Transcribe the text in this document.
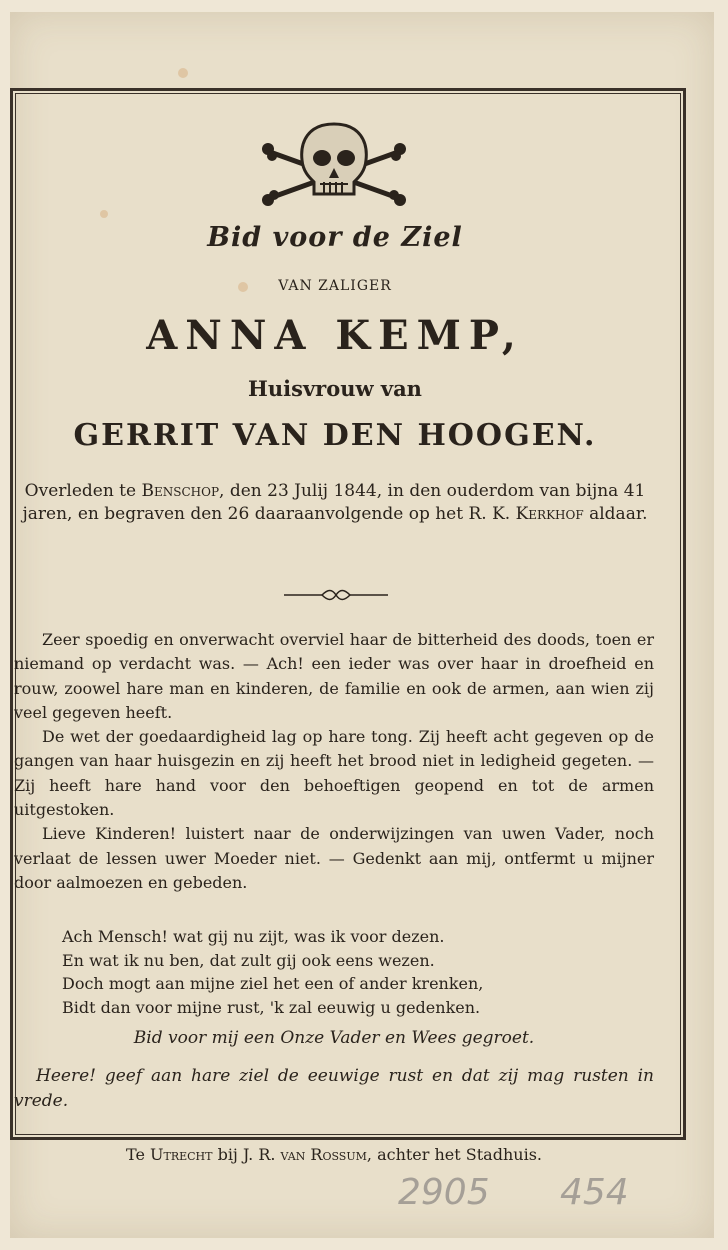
Bid voor de Ziel
VAN ZALIGER
ANNA KEMP,
Huisvrouw van
GERRIT VAN DEN HOOGEN.
Overleden te Benschop, den 23 Julij 1844, in den ouderdom van bijna 41 jaren, en begraven den 26 daaraanvolgende op het R. K. Kerkhof aldaar.

Zeer spoedig en onverwacht overviel haar de bitterheid des doods, toen er niemand op verdacht was. — Ach! een ieder was over haar in droefheid en rouw, zoowel hare man en kinderen, de familie en ook de armen, aan wien zij veel gegeven heeft.

De wet der goedaardigheid lag op hare tong. Zij heeft acht gegeven op de gangen van haar huisgezin en zij heeft het brood niet in ledigheid gegeten. — Zij heeft hare hand voor den behoeftigen geopend en tot de armen uitgestoken.

Lieve Kinderen! luistert naar de onderwijzingen van uwen Vader, noch verlaat de lessen uwer Moeder niet. — Gedenkt aan mij, ontfermt u mijner door aalmoezen en gebeden.

Ach Mensch! wat gij nu zijt, was ik voor dezen.
En wat ik nu ben, dat zult gij ook eens wezen.
Doch mogt aan mijne ziel het een of ander krenken,
Bidt dan voor mijne rust, 'k zal eeuwig u gedenken.
Bid voor mij een Onze Vader en Wees gegroet.
Heere! geef aan hare ziel de eeuwige rust en dat zij mag rusten in vrede.
Te Utrecht bij J. R. van Rossum, achter het Stadhuis.
2905 454
